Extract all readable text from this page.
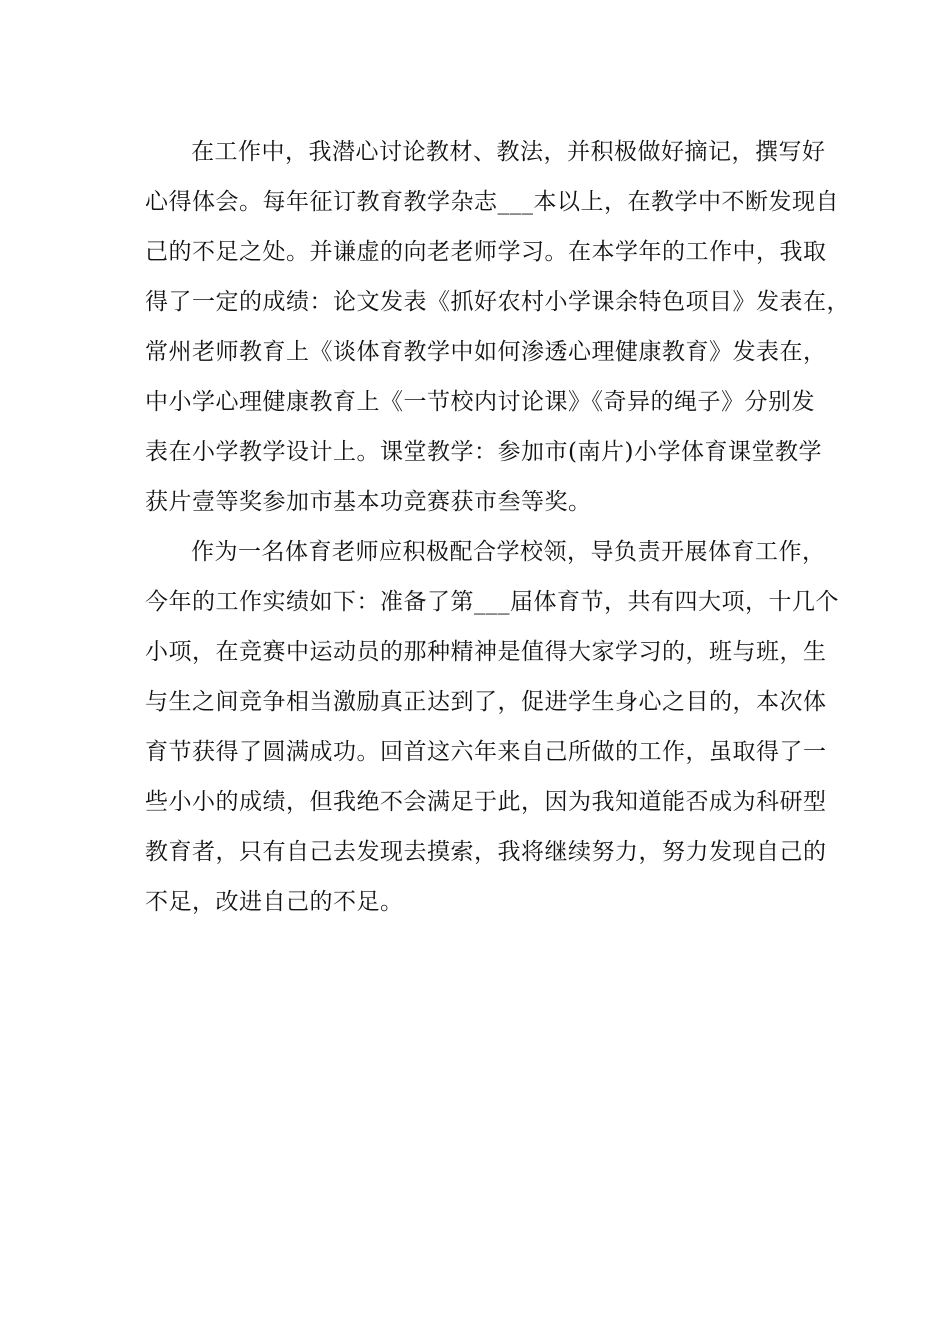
在工作中，我潜心讨论教材、教法，并积极做好摘记，撰写好
心得体会。每年征订教育教学杂志___本以上，在教学中不断发现自
己的不足之处。并谦虚的向老老师学习。在本学年的工作中，我取
得了一定的成绩：论文发表《抓好农村小学课余特色项目》发表在，
常州老师教育上《谈体育教学中如何渗透心理健康教育》发表在，
中小学心理健康教育上《一节校内讨论课》《奇异的绳子》分别发
表在小学教学设计上。课堂教学：参加市(南片)小学体育课堂教学
获片壹等奖参加市基本功竞赛获市叁等奖。
作为一名体育老师应积极配合学校领，导负责开展体育工作，
今年的工作实绩如下：准备了第___届体育节，共有四大项，十几个
小项，在竞赛中运动员的那种精神是值得大家学习的，班与班，生
与生之间竞争相当激励真正达到了，促进学生身心之目的，本次体
育节获得了圆满成功。回首这六年来自己所做的工作，虽取得了一
些小小的成绩，但我绝不会满足于此，因为我知道能否成为科研型
教育者，只有自己去发现去摸索，我将继续努力，努力发现自己的
不足，改进自己的不足。
